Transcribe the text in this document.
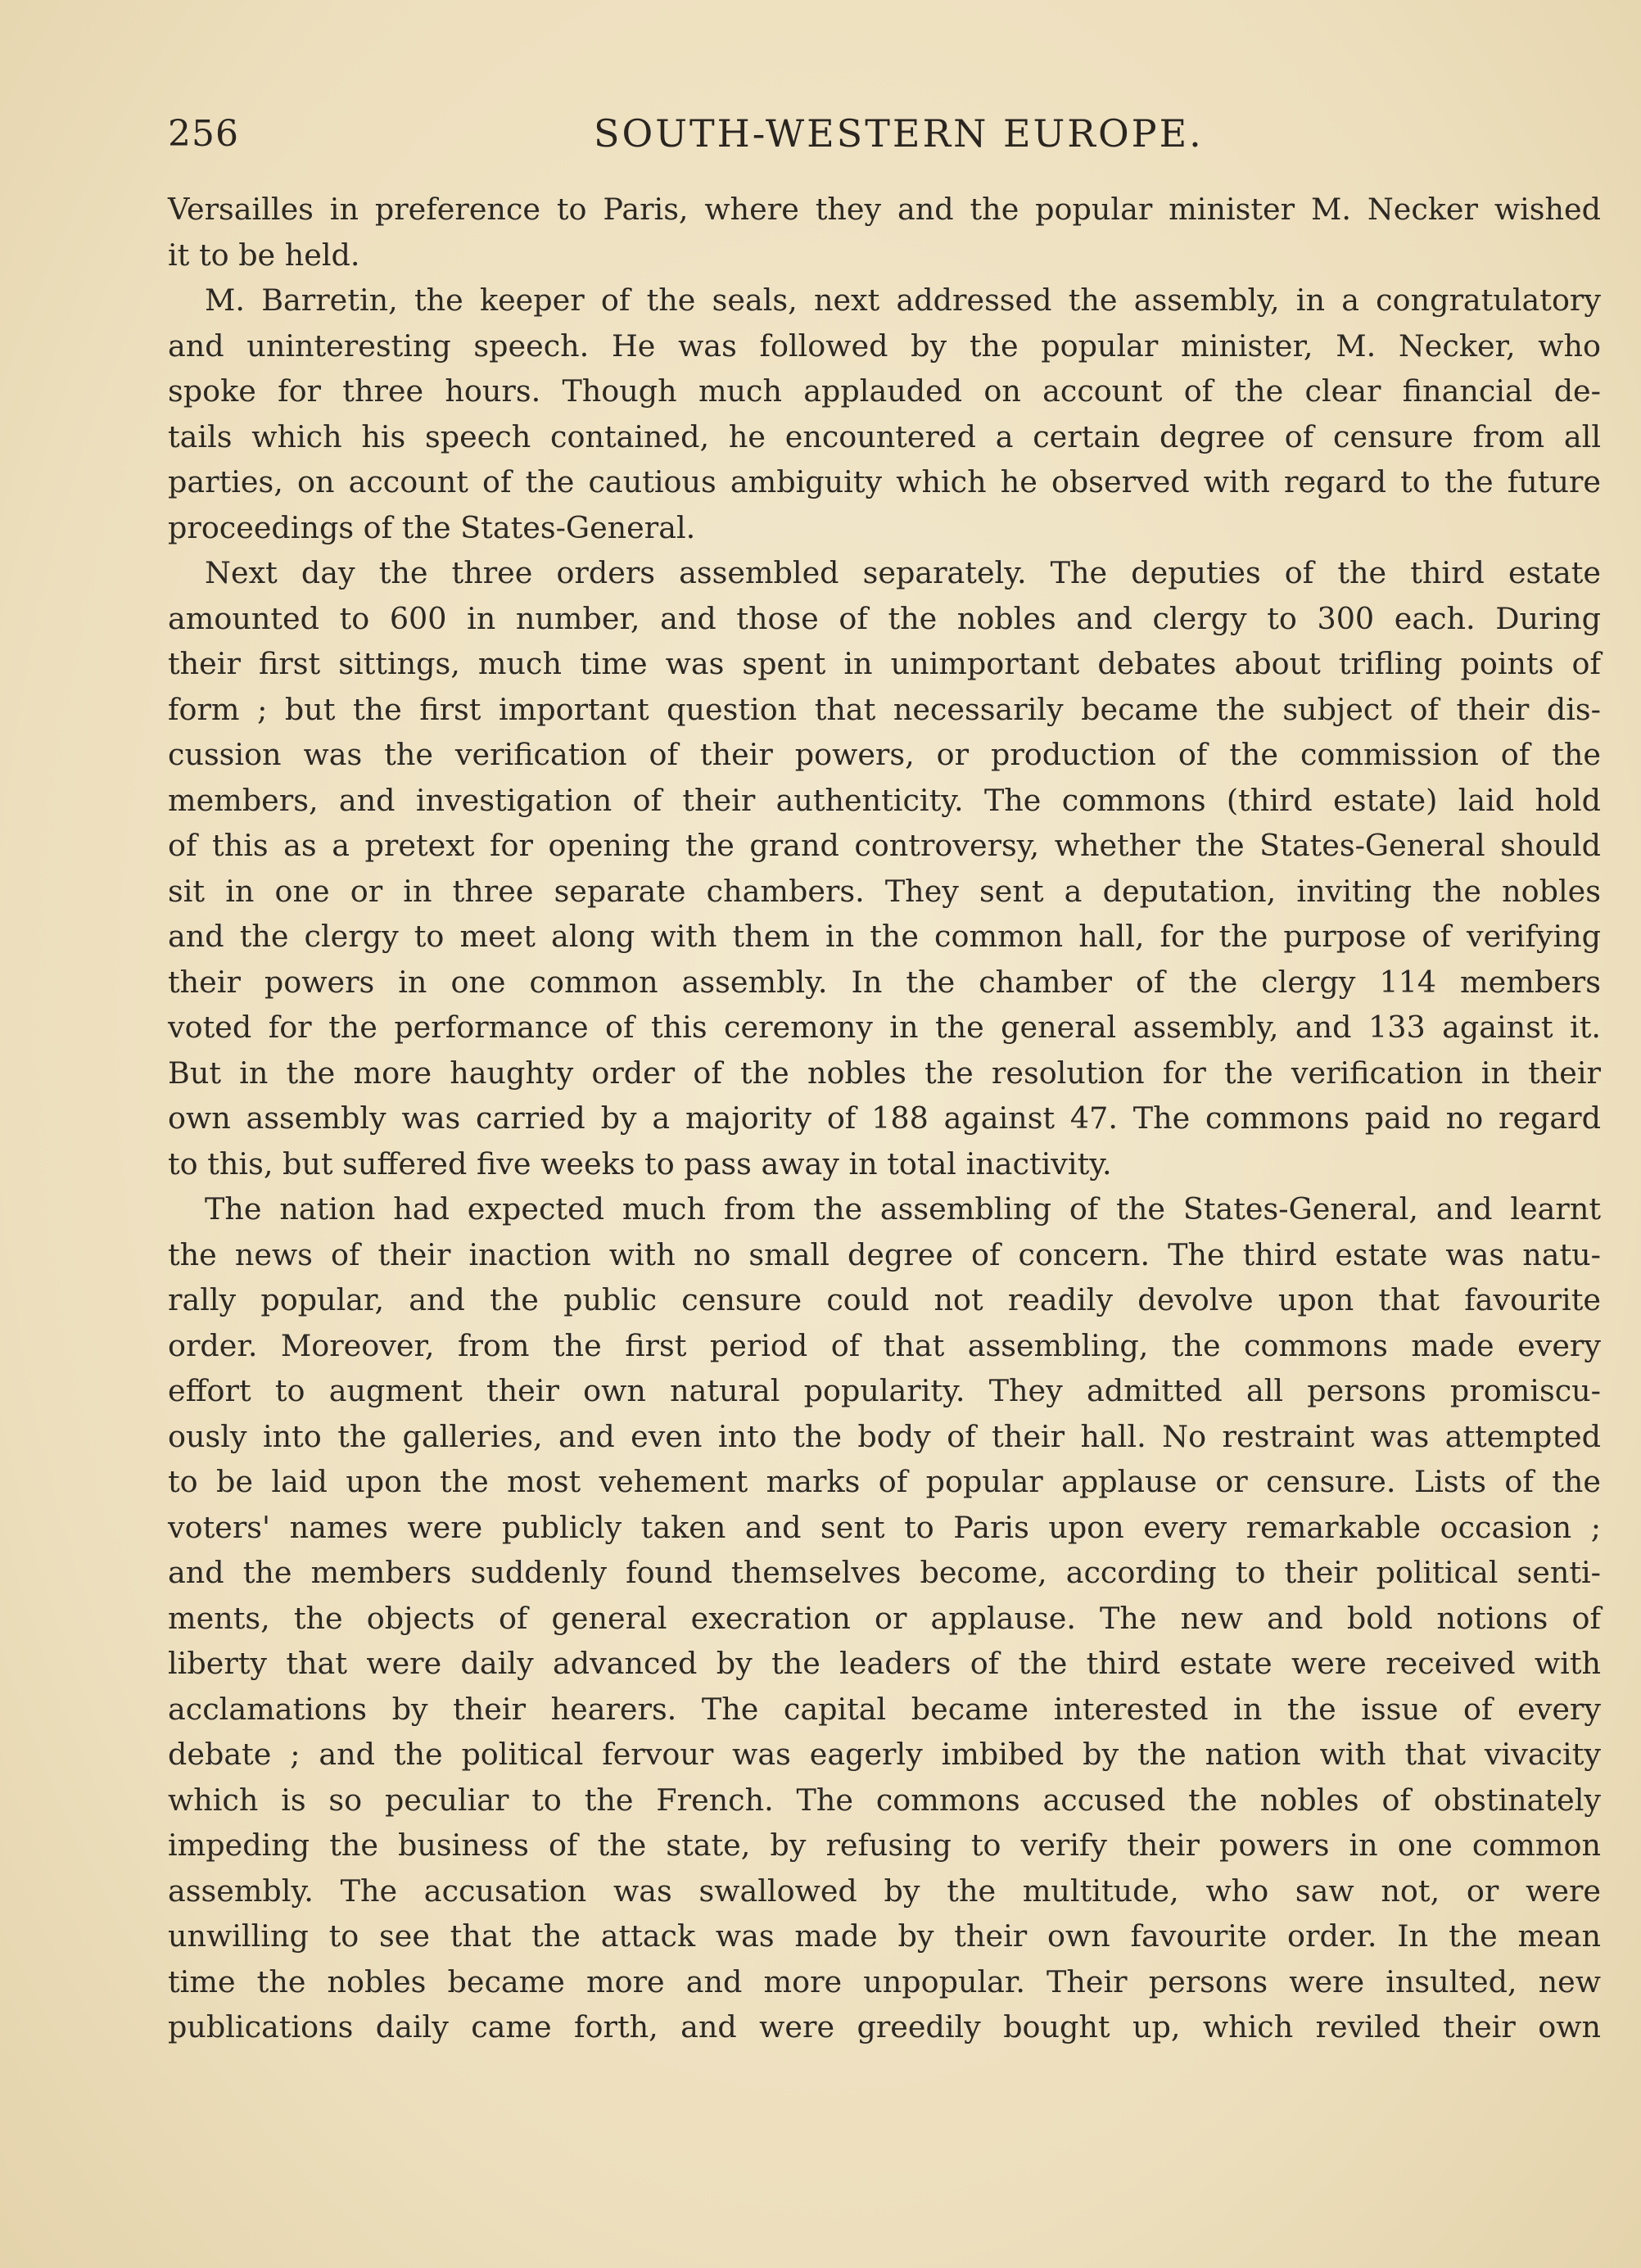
256	SOUTH-WESTERN EUROPE.
Versailles in preference to Paris, where they and the popular minister M. Necker wished
it to be held.
M. Barretin, the keeper of the seals, next addressed the assembly, in a congratulatory
and uninteresting speech. He was followed by the popular minister, M. Necker, who
spoke for three hours. Though much applauded on account of the clear financial de-
tails which his speech contained, he encountered a certain degree of censure from all
parties, on account of the cautious ambiguity which he observed with regard to the future
proceedings of the States-General.
Next day the three orders assembled separately. The deputies of the third estate
amounted to 600 in number, and those of the nobles and clergy to 300 each. During
their first sittings, much time was spent in unimportant debates about trifling points of
form ; but the first important question that necessarily became the subject of their dis-
cussion was the verification of their powers, or production of the commission of the
members, and investigation of their authenticity. The commons (third estate) laid hold
of this as a pretext for opening the grand controversy, whether the States-General should
sit in one or in three separate chambers. They sent a deputation, inviting the nobles
and the clergy to meet along with them in the common hall, for the purpose of verifying
their powers in one common assembly. In the chamber of the clergy 114 members
voted for the performance of this ceremony in the general assembly, and 133 against it.
But in the more haughty order of the nobles the resolution for the verification in their
own assembly was carried by a majority of 188 against 47. The commons paid no regard
to this, but suffered five weeks to pass away in total inactivity.
The nation had expected much from the assembling of the States-General, and learnt
the news of their inaction with no small degree of concern. The third estate was natu-
rally popular, and the public censure could not readily devolve upon that favourite
order. Moreover, from the first period of that assembling, the commons made every
effort to augment their own natural popularity. They admitted all persons promiscu-
ously into the galleries, and even into the body of their hall. No restraint was attempted
to be laid upon the most vehement marks of popular applause or censure. Lists of the
voters' names were publicly taken and sent to Paris upon every remarkable occasion ;
and the members suddenly found themselves become, according to their political senti-
ments, the objects of general execration or applause. The new and bold notions of
liberty that were daily advanced by the leaders of the third estate were received with
acclamations by their hearers. The capital became interested in the issue of every
debate ; and the political fervour was eagerly imbibed by the nation with that vivacity
which is so peculiar to the French. The commons accused the nobles of obstinately
impeding the business of the state, by refusing to verify their powers in one common
assembly. The accusation was swallowed by the multitude, who saw not, or were
unwilling to see that the attack was made by their own favourite order. In the mean
time the nobles became more and more unpopular. Their persons were insulted, new
publications daily came forth, and were greedily bought up, which reviled their own
